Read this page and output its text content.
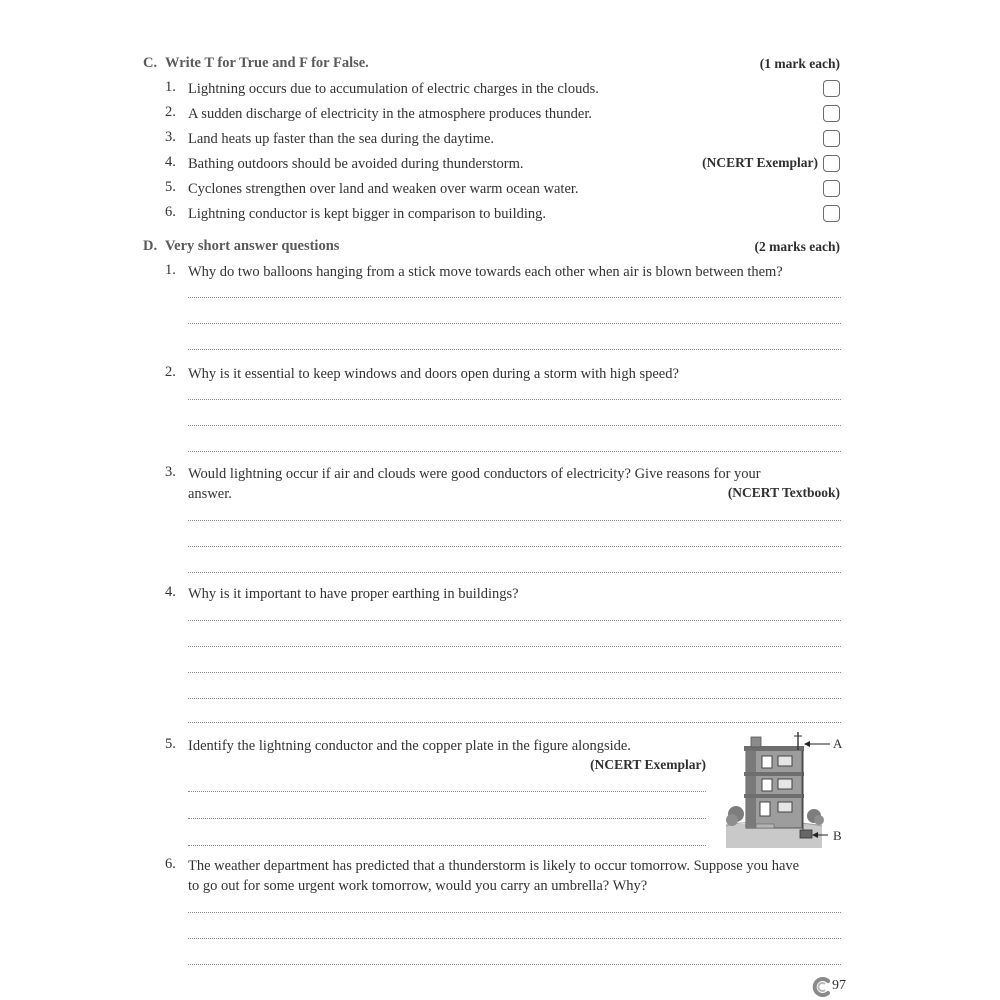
C. Write T for True and F for False.	(1 mark each)
1. Lightning occurs due to accumulation of electric charges in the clouds.
2. A sudden discharge of electricity in the atmosphere produces thunder.
3. Land heats up faster than the sea during the daytime.
4. Bathing outdoors should be avoided during thunderstorm.	(NCERT Exemplar)
5. Cyclones strengthen over land and weaken over warm ocean water.
6. Lightning conductor is kept bigger in comparison to building.
D. Very short answer questions	(2 marks each)
1. Why do two balloons hanging from a stick move towards each other when air is blown between them?
2. Why is it essential to keep windows and doors open during a storm with high speed?
3. Would lightning occur if air and clouds were good conductors of electricity? Give reasons for your
answer.	(NCERT Textbook)
4. Why is it important to have proper earthing in buildings?
5. Identify the lightning conductor and the copper plate in the figure alongside.
(NCERT Exemplar)
A
B
6. The weather department has predicted that a thunderstorm is likely to occur tomorrow. Suppose you have
to go out for some urgent work tomorrow, would you carry an umbrella? Why?
97
